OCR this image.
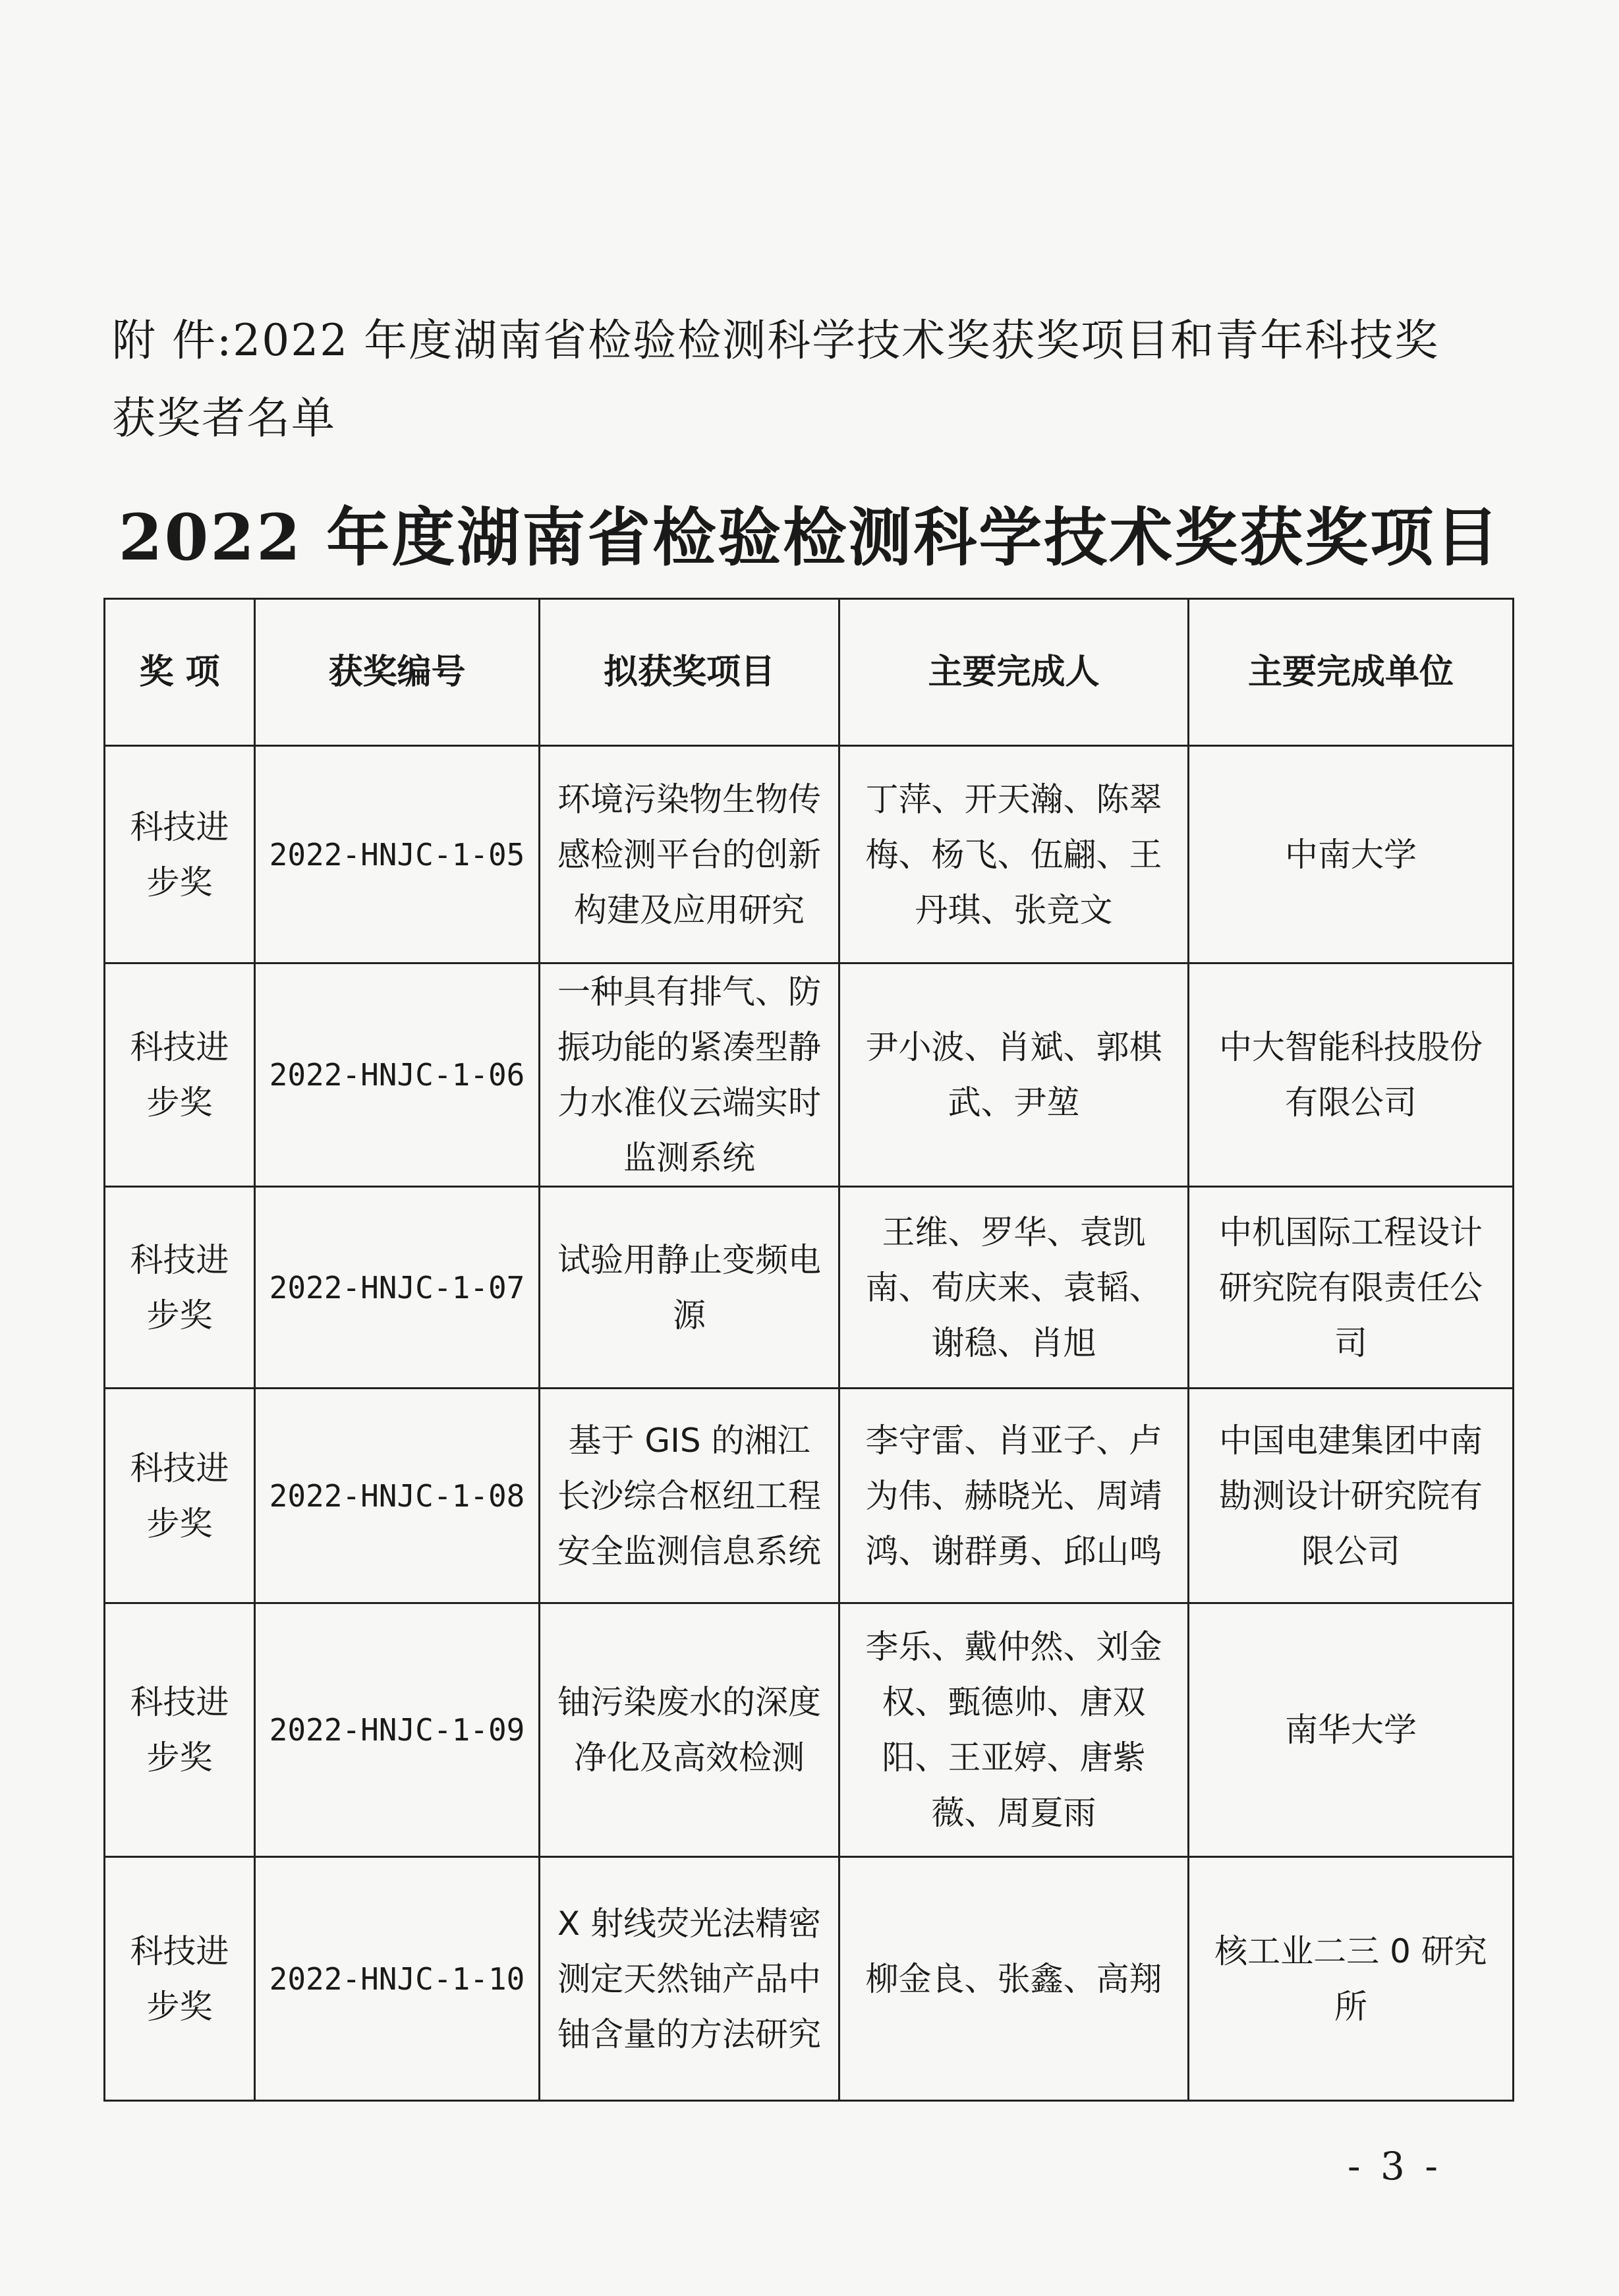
附 件:2022 年度湖南省检验检测科学技术奖获奖项目和青年科技奖获奖者名单
2022 年度湖南省检验检测科学技术奖获奖项目
奖 项	获奖编号	拟获奖项目	主要完成人	主要完成单位
科技进步奖	2022-HNJC-1-05	环境污染物生物传感检测平台的创新构建及应用研究	丁萍、开天瀚、陈翠梅、杨飞、伍翩、王丹琪、张竞文	中南大学
科技进步奖	2022-HNJC-1-06	一种具有排气、防振功能的紧凑型静力水准仪云端实时监测系统	尹小波、肖斌、郭棋武、尹堃	中大智能科技股份有限公司
科技进步奖	2022-HNJC-1-07	试验用静止变频电源	王维、罗华、袁凯南、荀庆来、袁韬、谢稳、肖旭	中机国际工程设计研究院有限责任公司
科技进步奖	2022-HNJC-1-08	基于 GIS 的湘江长沙综合枢纽工程安全监测信息系统	李守雷、肖亚子、卢为伟、赫晓光、周靖鸿、谢群勇、邱山鸣	中国电建集团中南勘测设计研究院有限公司
科技进步奖	2022-HNJC-1-09	铀污染废水的深度净化及高效检测	李乐、戴仲然、刘金权、甄德帅、唐双阳、王亚婷、唐紫薇、周夏雨	南华大学
科技进步奖	2022-HNJC-1-10	X 射线荧光法精密测定天然铀产品中铀含量的方法研究	柳金良、张鑫、高翔	核工业二三 0 研究所
- 3 -
